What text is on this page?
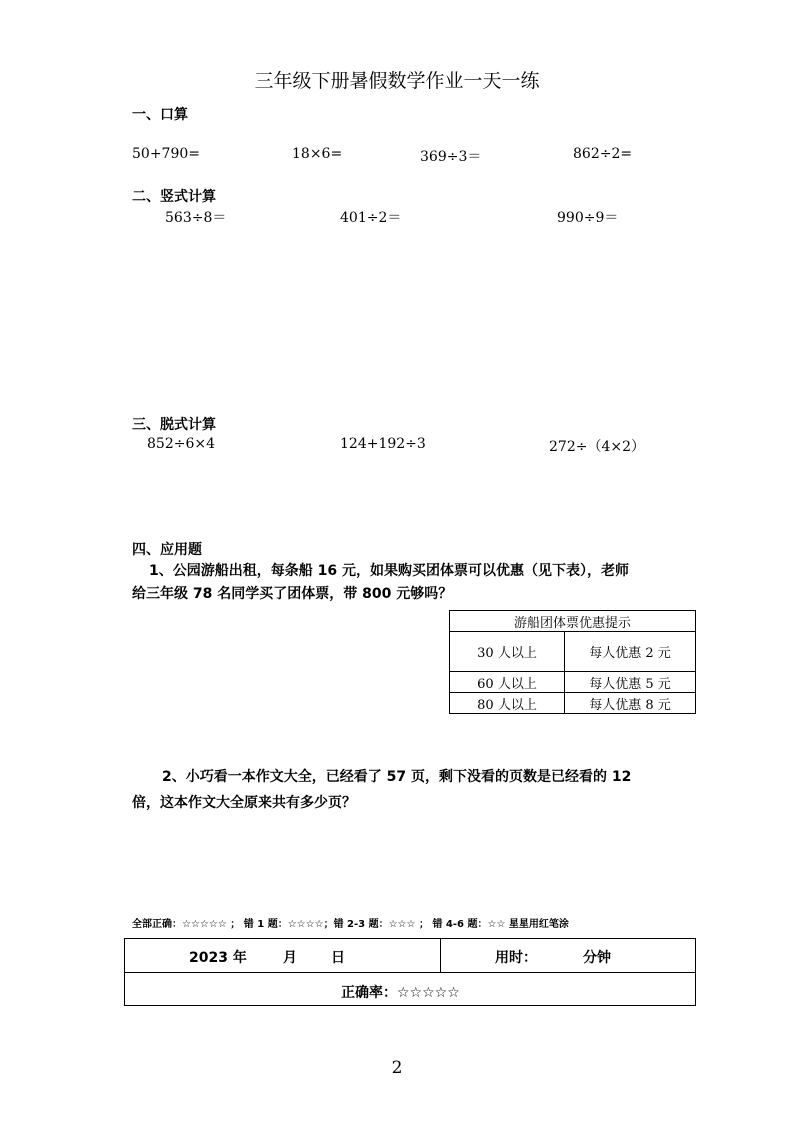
三年级下册暑假数学作业一天一练
一、口算
50+790=	18×6=	369÷3＝	862÷2=
二、竖式计算
563÷8＝	401÷2＝	990÷9＝
三、脱式计算
852÷6×4	124+192÷3	272÷（4×2）
四、应用题
1、公园游船出租，每条船 16 元，如果购买团体票可以优惠（见下表），老师
给三年级 78 名同学买了团体票，带 800 元够吗？
游船团体票优惠提示	
30 人以上	每人优惠 2 元
60 人以上	每人优惠 5 元
80 人以上	每人优惠 8 元
2、小巧看一本作文大全，已经看了 57 页，剩下没看的页数是已经看的 12
倍，这本作文大全原来共有多少页？
全部正确：☆☆☆☆☆ ； 错 1 题：☆☆☆☆；错 2-3 题：☆☆☆ ； 错 4-6 题：☆☆ 星星用红笔涂
2023 年	月 日	用时：	分钟
正确率：☆☆☆☆☆
2
